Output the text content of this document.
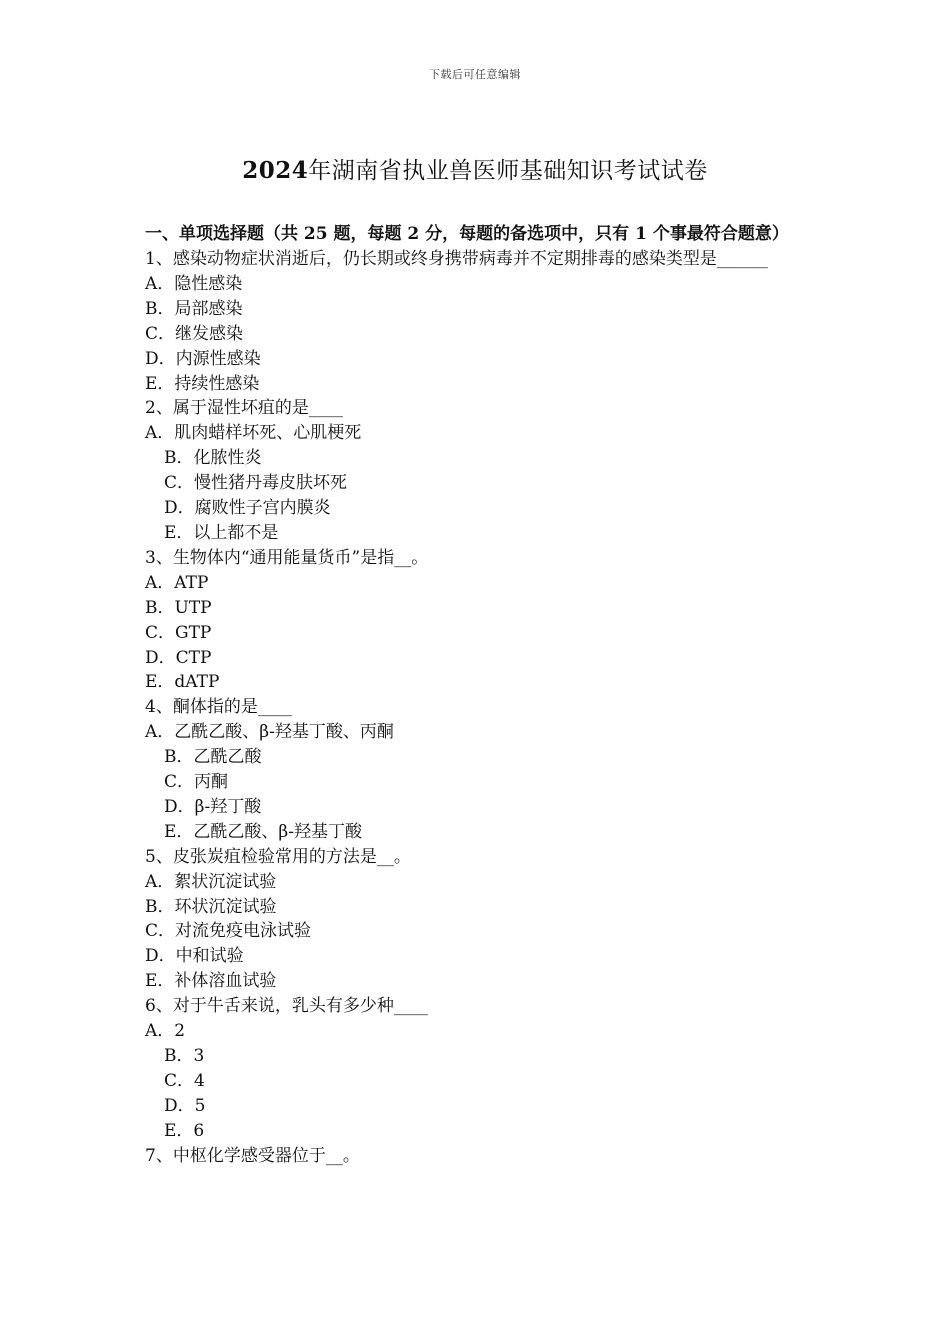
下载后可任意编辑
2024年湖南省执业兽医师基础知识考试试卷

一、单项选择题（共 25 题，每题 2 分，每题的备选项中，只有 1 个事最符合题意）

1、感染动物症状消逝后，仍长期或终身携带病毒并不定期排毒的感染类型是______
A．隐性感染
B．局部感染
C．继发感染
D．内源性感染
E．持续性感染
2、属于湿性坏疽的是____
A．肌肉蜡样坏死、心肌梗死
B．化脓性炎
C．慢性猪丹毒皮肤坏死
D．腐败性子宫内膜炎
E．以上都不是
3、生物体内“通用能量货币”是指__。
A．ATP
B．UTP
C．GTP
D．CTP
E．dATP
4、酮体指的是____
A．乙酰乙酸、β-羟基丁酸、丙酮
B．乙酰乙酸
C．丙酮
D．β-羟丁酸
E．乙酰乙酸、β-羟基丁酸
5、皮张炭疽检验常用的方法是__。
A．絮状沉淀试验
B．环状沉淀试验
C．对流免疫电泳试验
D．中和试验
E．补体溶血试验
6、对于牛舌来说，乳头有多少种____
A．2
B．3
C．4
D．5
E．6
7、中枢化学感受器位于__。
